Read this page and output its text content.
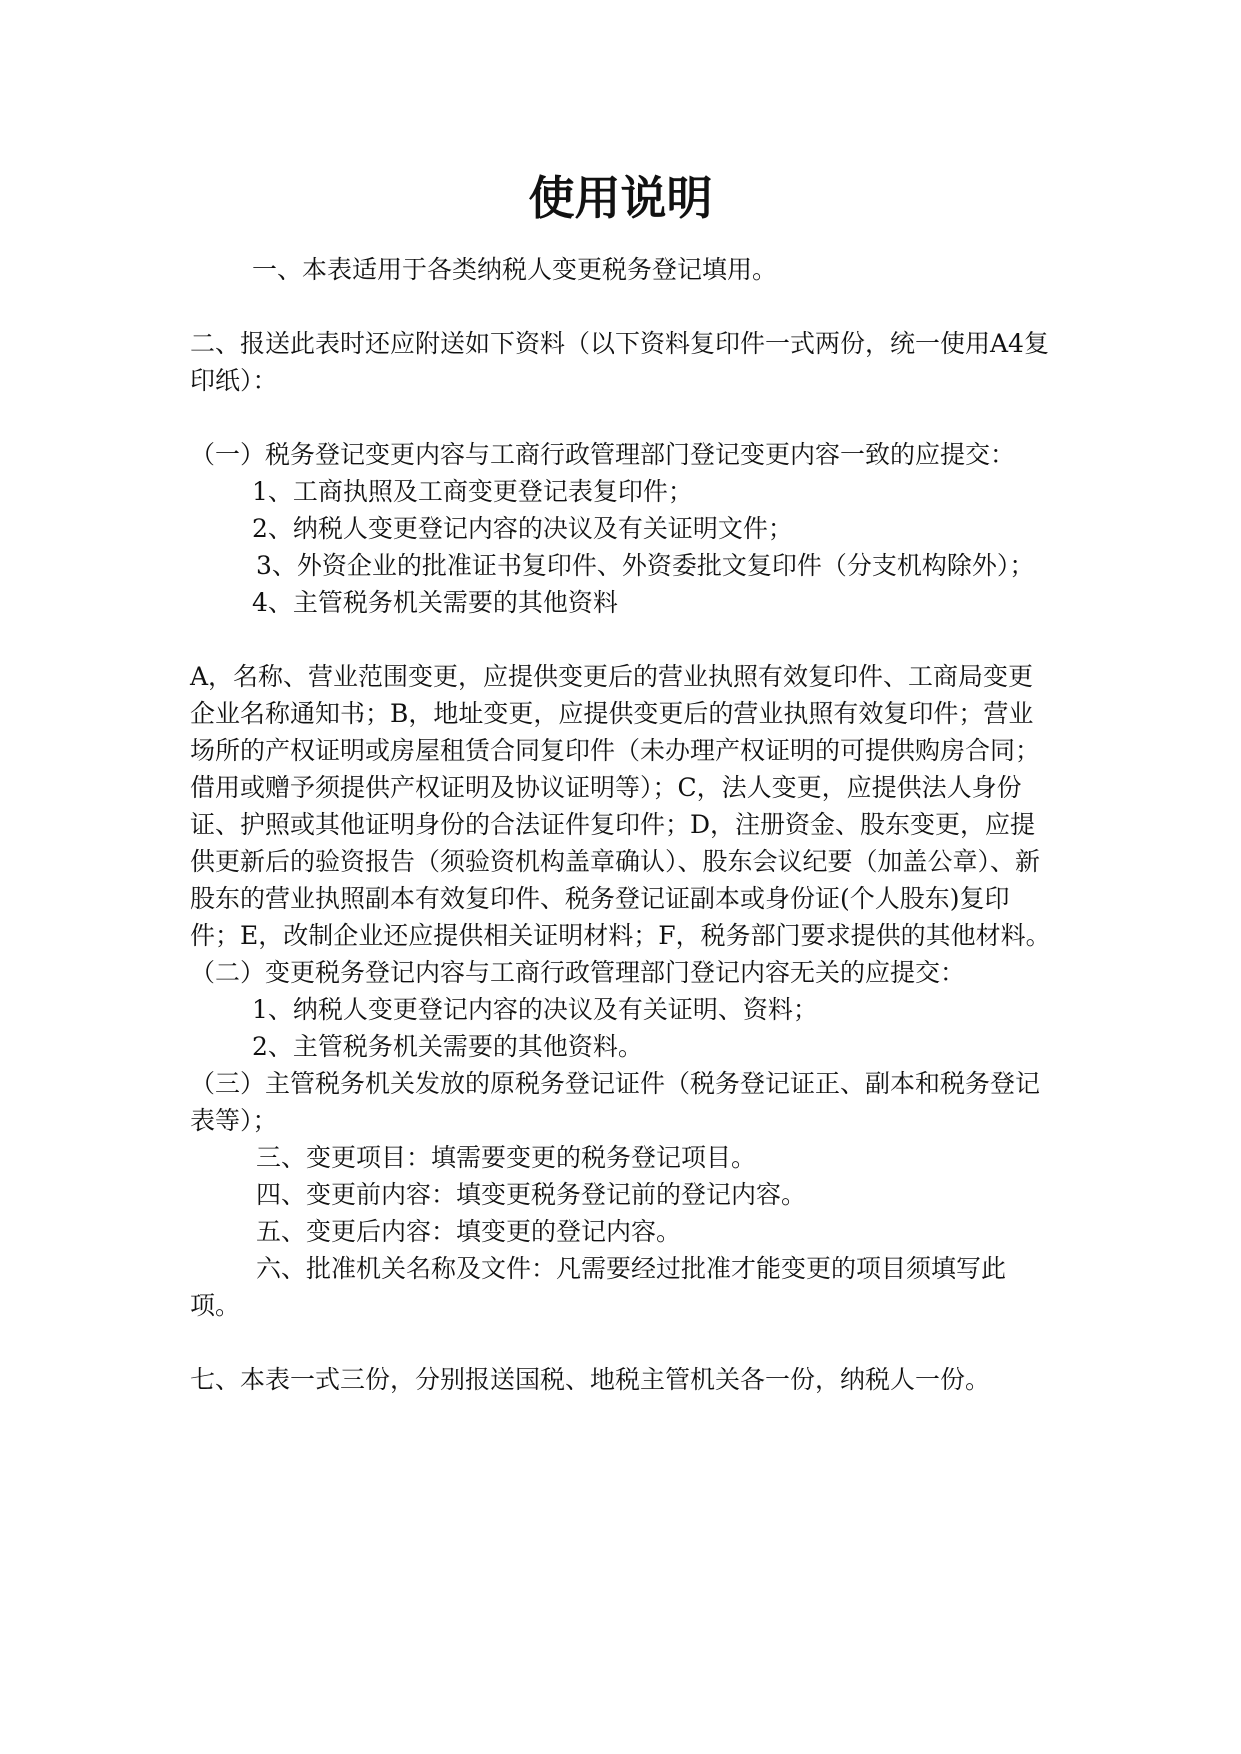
使用说明

一、本表适用于各类纳税人变更税务登记填用。

二、报送此表时还应附送如下资料（以下资料复印件一式两份，统一使用A4复印纸）：

（一）税务登记变更内容与工商行政管理部门登记变更内容一致的应提交：

1、工商执照及工商变更登记表复印件；

2、纳税人变更登记内容的决议及有关证明文件；

3、外资企业的批准证书复印件、外资委批文复印件（分支机构除外）；

4、主管税务机关需要的其他资料

A，名称、营业范围变更，应提供变更后的营业执照有效复印件、工商局变更企业名称通知书；B，地址变更，应提供变更后的营业执照有效复印件；营业场所的产权证明或房屋租赁合同复印件（未办理产权证明的可提供购房合同；借用或赠予须提供产权证明及协议证明等）；C，法人变更，应提供法人身份证、护照或其他证明身份的合法证件复印件；D，注册资金、股东变更，应提供更新后的验资报告（须验资机构盖章确认）、股东会议纪要（加盖公章）、新股东的营业执照副本有效复印件、税务登记证副本或身份证(个人股东)复印件；E，改制企业还应提供相关证明材料；F，税务部门要求提供的其他材料。

（二）变更税务登记内容与工商行政管理部门登记内容无关的应提交：

1、纳税人变更登记内容的决议及有关证明、资料；

2、主管税务机关需要的其他资料。

（三）主管税务机关发放的原税务登记证件（税务登记证正、副本和税务登记表等）；

三、变更项目：填需要变更的税务登记项目。

四、变更前内容：填变更税务登记前的登记内容。

五、变更后内容：填变更的登记内容。

六、批准机关名称及文件：凡需要经过批准才能变更的项目须填写此项。

七、本表一式三份，分别报送国税、地税主管机关各一份，纳税人一份。
